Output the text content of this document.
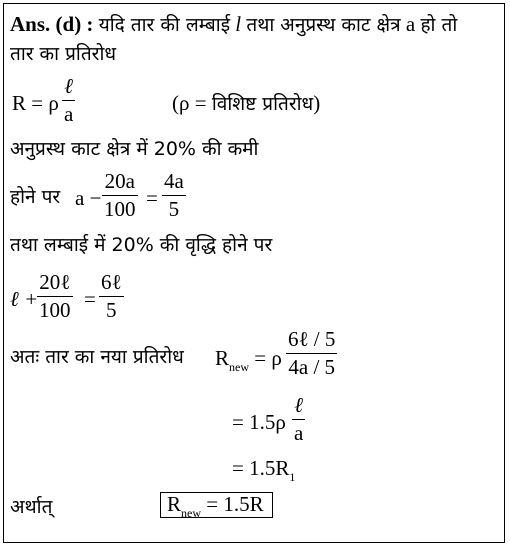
Ans. (d) : यदि तार की लम्बाई l तथा अनुप्रस्थ काट क्षेत्र a हो तो
तार का प्रतिरोध
R = ρ
ℓ
a	(ρ = विशिष्ट प्रतिरोध)
अनुप्रस्थ काट क्षेत्र में 20% की कमी
होने पर a −
20a
100 =
4a
5
तथा लम्बाई में 20% की वृद्धि होने पर
ℓ +
20ℓ
100 =
6ℓ
5
अतः तार का नया प्रतिरोध $R_{new} = \rho$
6ℓ / 5
4a / 5
= 1.5ρ
ℓ
a
= $1.5R_1$
अर्थात्	$R_{new} = 1.5R$
